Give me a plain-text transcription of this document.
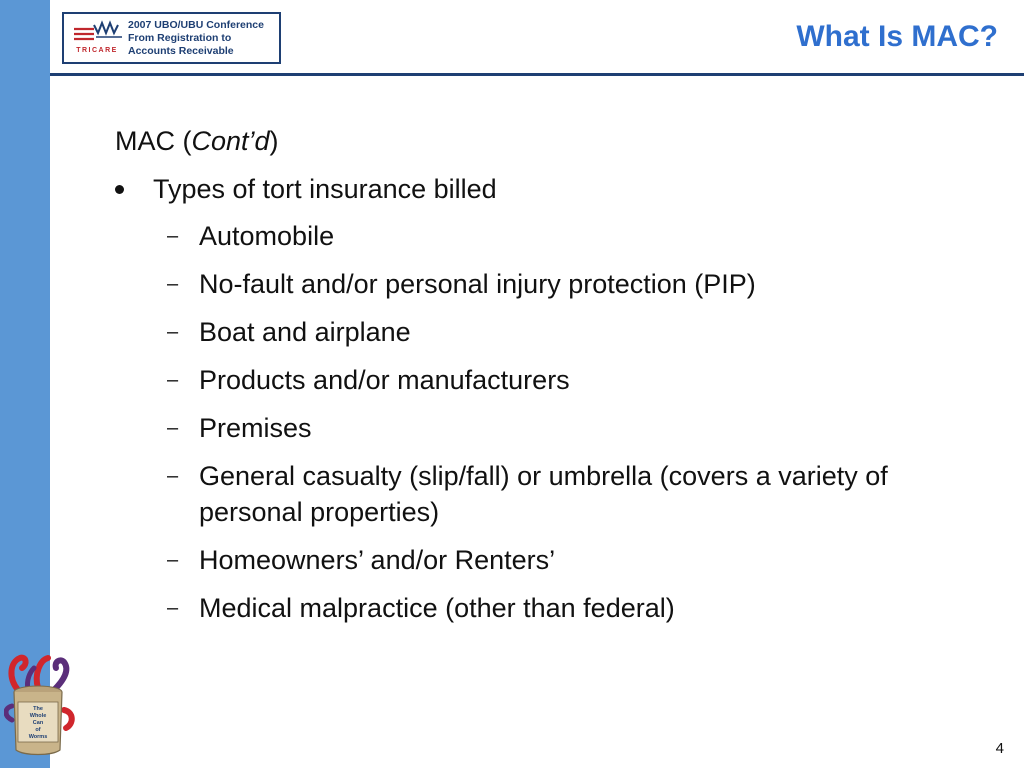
TRICARE
2007 UBO/UBU Conference
From Registration to
Accounts Receivable	What Is MAC?
MAC (Cont’d)
Types of tort insurance billed
– Automobile
– No-fault and/or personal injury protection (PIP)
– Boat and airplane
– Products and/or manufacturers
– Premises
– General casualty (slip/fall) or umbrella (covers a variety of personal properties)
– Homeowners’ and/or Renters’
– Medical malpractice (other than federal)
The
Whole
Can
of
Worms
4
